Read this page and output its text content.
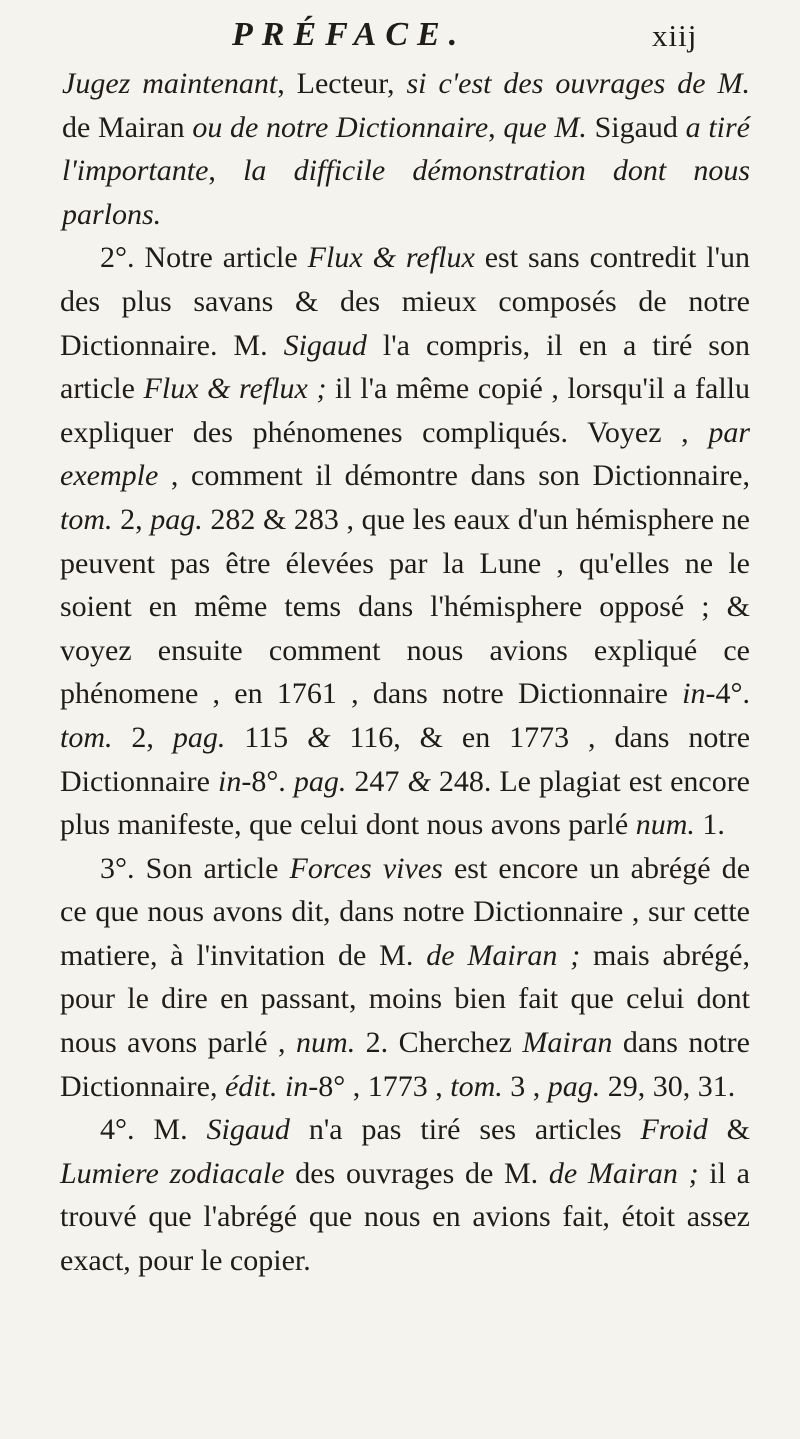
PRÉFACE.	xiij

Jugez maintenant, Lecteur, si c'est des ouvrages de M. de Mairan ou de notre Dictionnaire, que M. Sigaud a tiré l'importante, la difficile démonstration dont nous parlons.

2°. Notre article Flux & reflux est sans contredit l'un des plus savans & des mieux composés de notre Dictionnaire. M. Sigaud l'a compris, il en a tiré son article Flux & reflux ; il l'a même copié , lorsqu'il a fallu expliquer des phénomenes compliqués. Voyez , par exemple , comment il démontre dans son Dictionnaire, tom. 2, pag. 282 & 283 , que les eaux d'un hémisphere ne peuvent pas être élevées par la Lune , qu'elles ne le soient en même tems dans l'hémisphere opposé ; & voyez ensuite comment nous avions expliqué ce phénomene , en 1761 , dans notre Dictionnaire in-4°. tom. 2, pag. 115 & 116, & en 1773 , dans notre Dictionnaire in-8°. pag. 247 & 248. Le plagiat est encore plus manifeste, que celui dont nous avons parlé num. 1.

3°. Son article Forces vives est encore un abrégé de ce que nous avons dit, dans notre Dictionnaire , sur cette matiere, à l'invitation de M. de Mairan ; mais abrégé, pour le dire en passant, moins bien fait que celui dont nous avons parlé , num. 2. Cherchez Mairan dans notre Dictionnaire, édit. in-8° , 1773 , tom. 3 , pag. 29, 30, 31.

4°. M. Sigaud n'a pas tiré ses articles Froid & Lumiere zodiacale des ouvrages de M. de Mairan ; il a trouvé que l'abrégé que nous en avions fait, étoit assez exact, pour le copier.
